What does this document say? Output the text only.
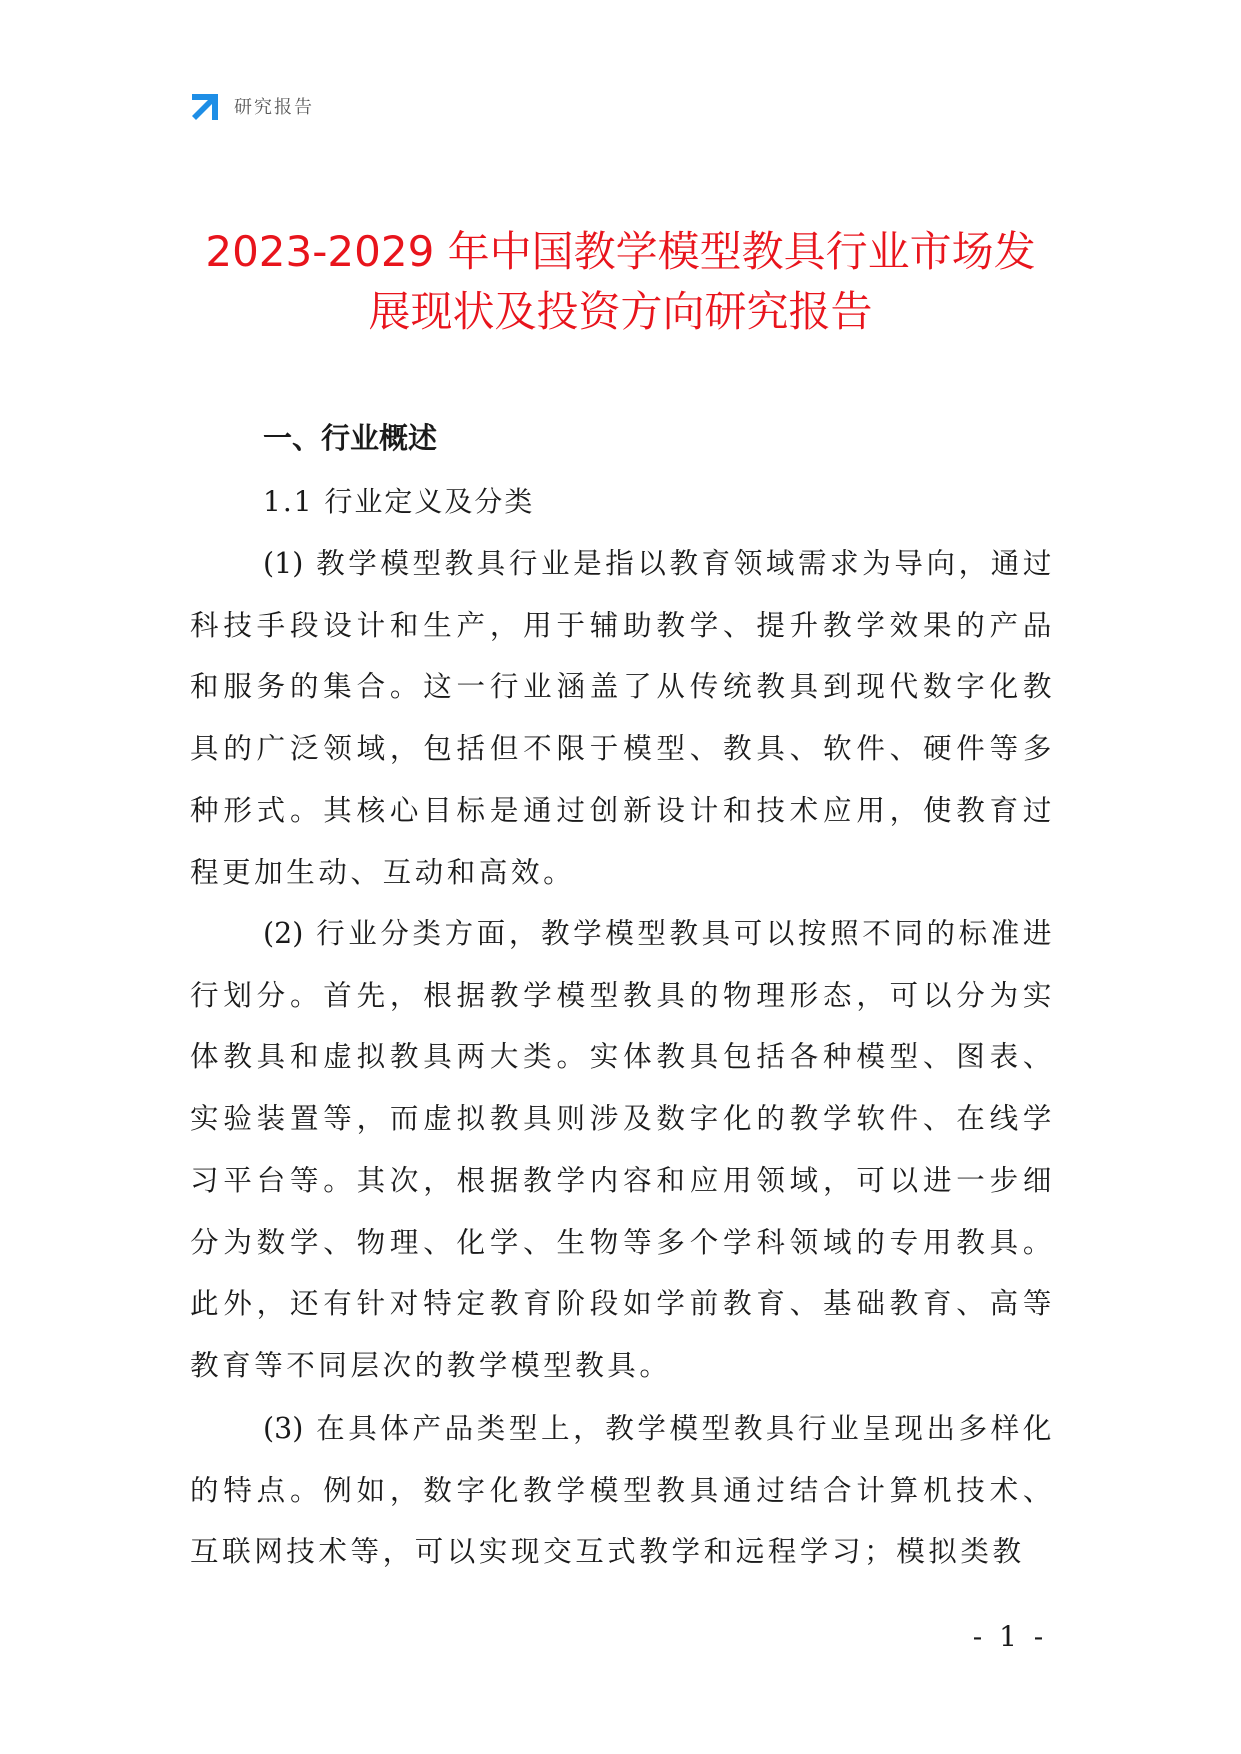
研究报告
2023-2029 年中国教学模型教具行业市场发
展现状及投资方向研究报告
一、行业概述
1.1 行业定义及分类

(1) 教学模型教具行业是指以教育领域需求为导向，通过科技手段设计和生产，用于辅助教学、提升教学效果的产品和服务的集合。这一行业涵盖了从传统教具到现代数字化教具的广泛领域，包括但不限于模型、教具、软件、硬件等多种形式。其核心目标是通过创新设计和技术应用，使教育过程更加生动、互动和高效。

(2) 行业分类方面，教学模型教具可以按照不同的标准进行划分。首先，根据教学模型教具的物理形态，可以分为实体教具和虚拟教具两大类。实体教具包括各种模型、图表、实验装置等，而虚拟教具则涉及数字化的教学软件、在线学习平台等。其次，根据教学内容和应用领域，可以进一步细分为数学、物理、化学、生物等多个学科领域的专用教具。此外，还有针对特定教育阶段如学前教育、基础教育、高等教育等不同层次的教学模型教具。

(3) 在具体产品类型上，教学模型教具行业呈现出多样化的特点。例如，数字化教学模型教具通过结合计算机技术、互联网技术等，可以实现交互式教学和远程学习；模拟类教

- 1 -
